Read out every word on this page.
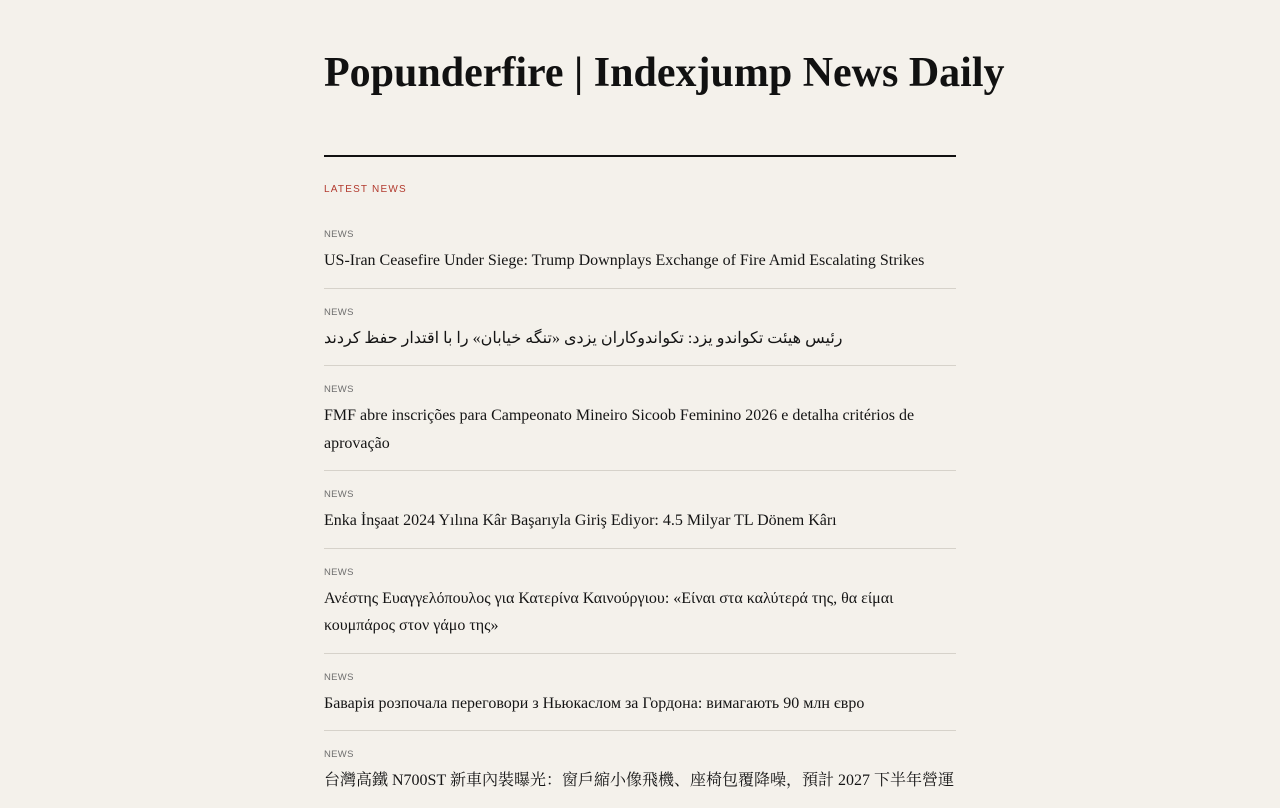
Popunderfire | Indexjump News Daily
LATEST NEWS
NEWS
US-Iran Ceasefire Under Siege: Trump Downplays Exchange of Fire Amid Escalating Strikes
NEWS
رئیس هیئت تکواندو یزد: تکواندوکاران یزدی «تنگه خیابان» را با اقتدار حفظ کردند
NEWS
FMF abre inscrições para Campeonato Mineiro Sicoob Feminino 2026 e detalha critérios de aprovação
NEWS
Enka İnşaat 2024 Yılına Kâr Başarıyla Giriş Ediyor: 4.5 Milyar TL Dönem Kârı
NEWS
Ανέστης Ευαγγελόπουλος για Κατερίνα Καινούργιου: «Είναι στα καλύτερά της, θα είμαι κουμπάρος στον γάμο της»
NEWS
Баварія розпочала переговори з Ньюкаслом за Гордона: вимагають 90 млн євро
NEWS
台灣高鐵 N700ST 新車內裝曝光：窗戶縮小像飛機、座椅包覆降噪，預計 2027 下半年營運
